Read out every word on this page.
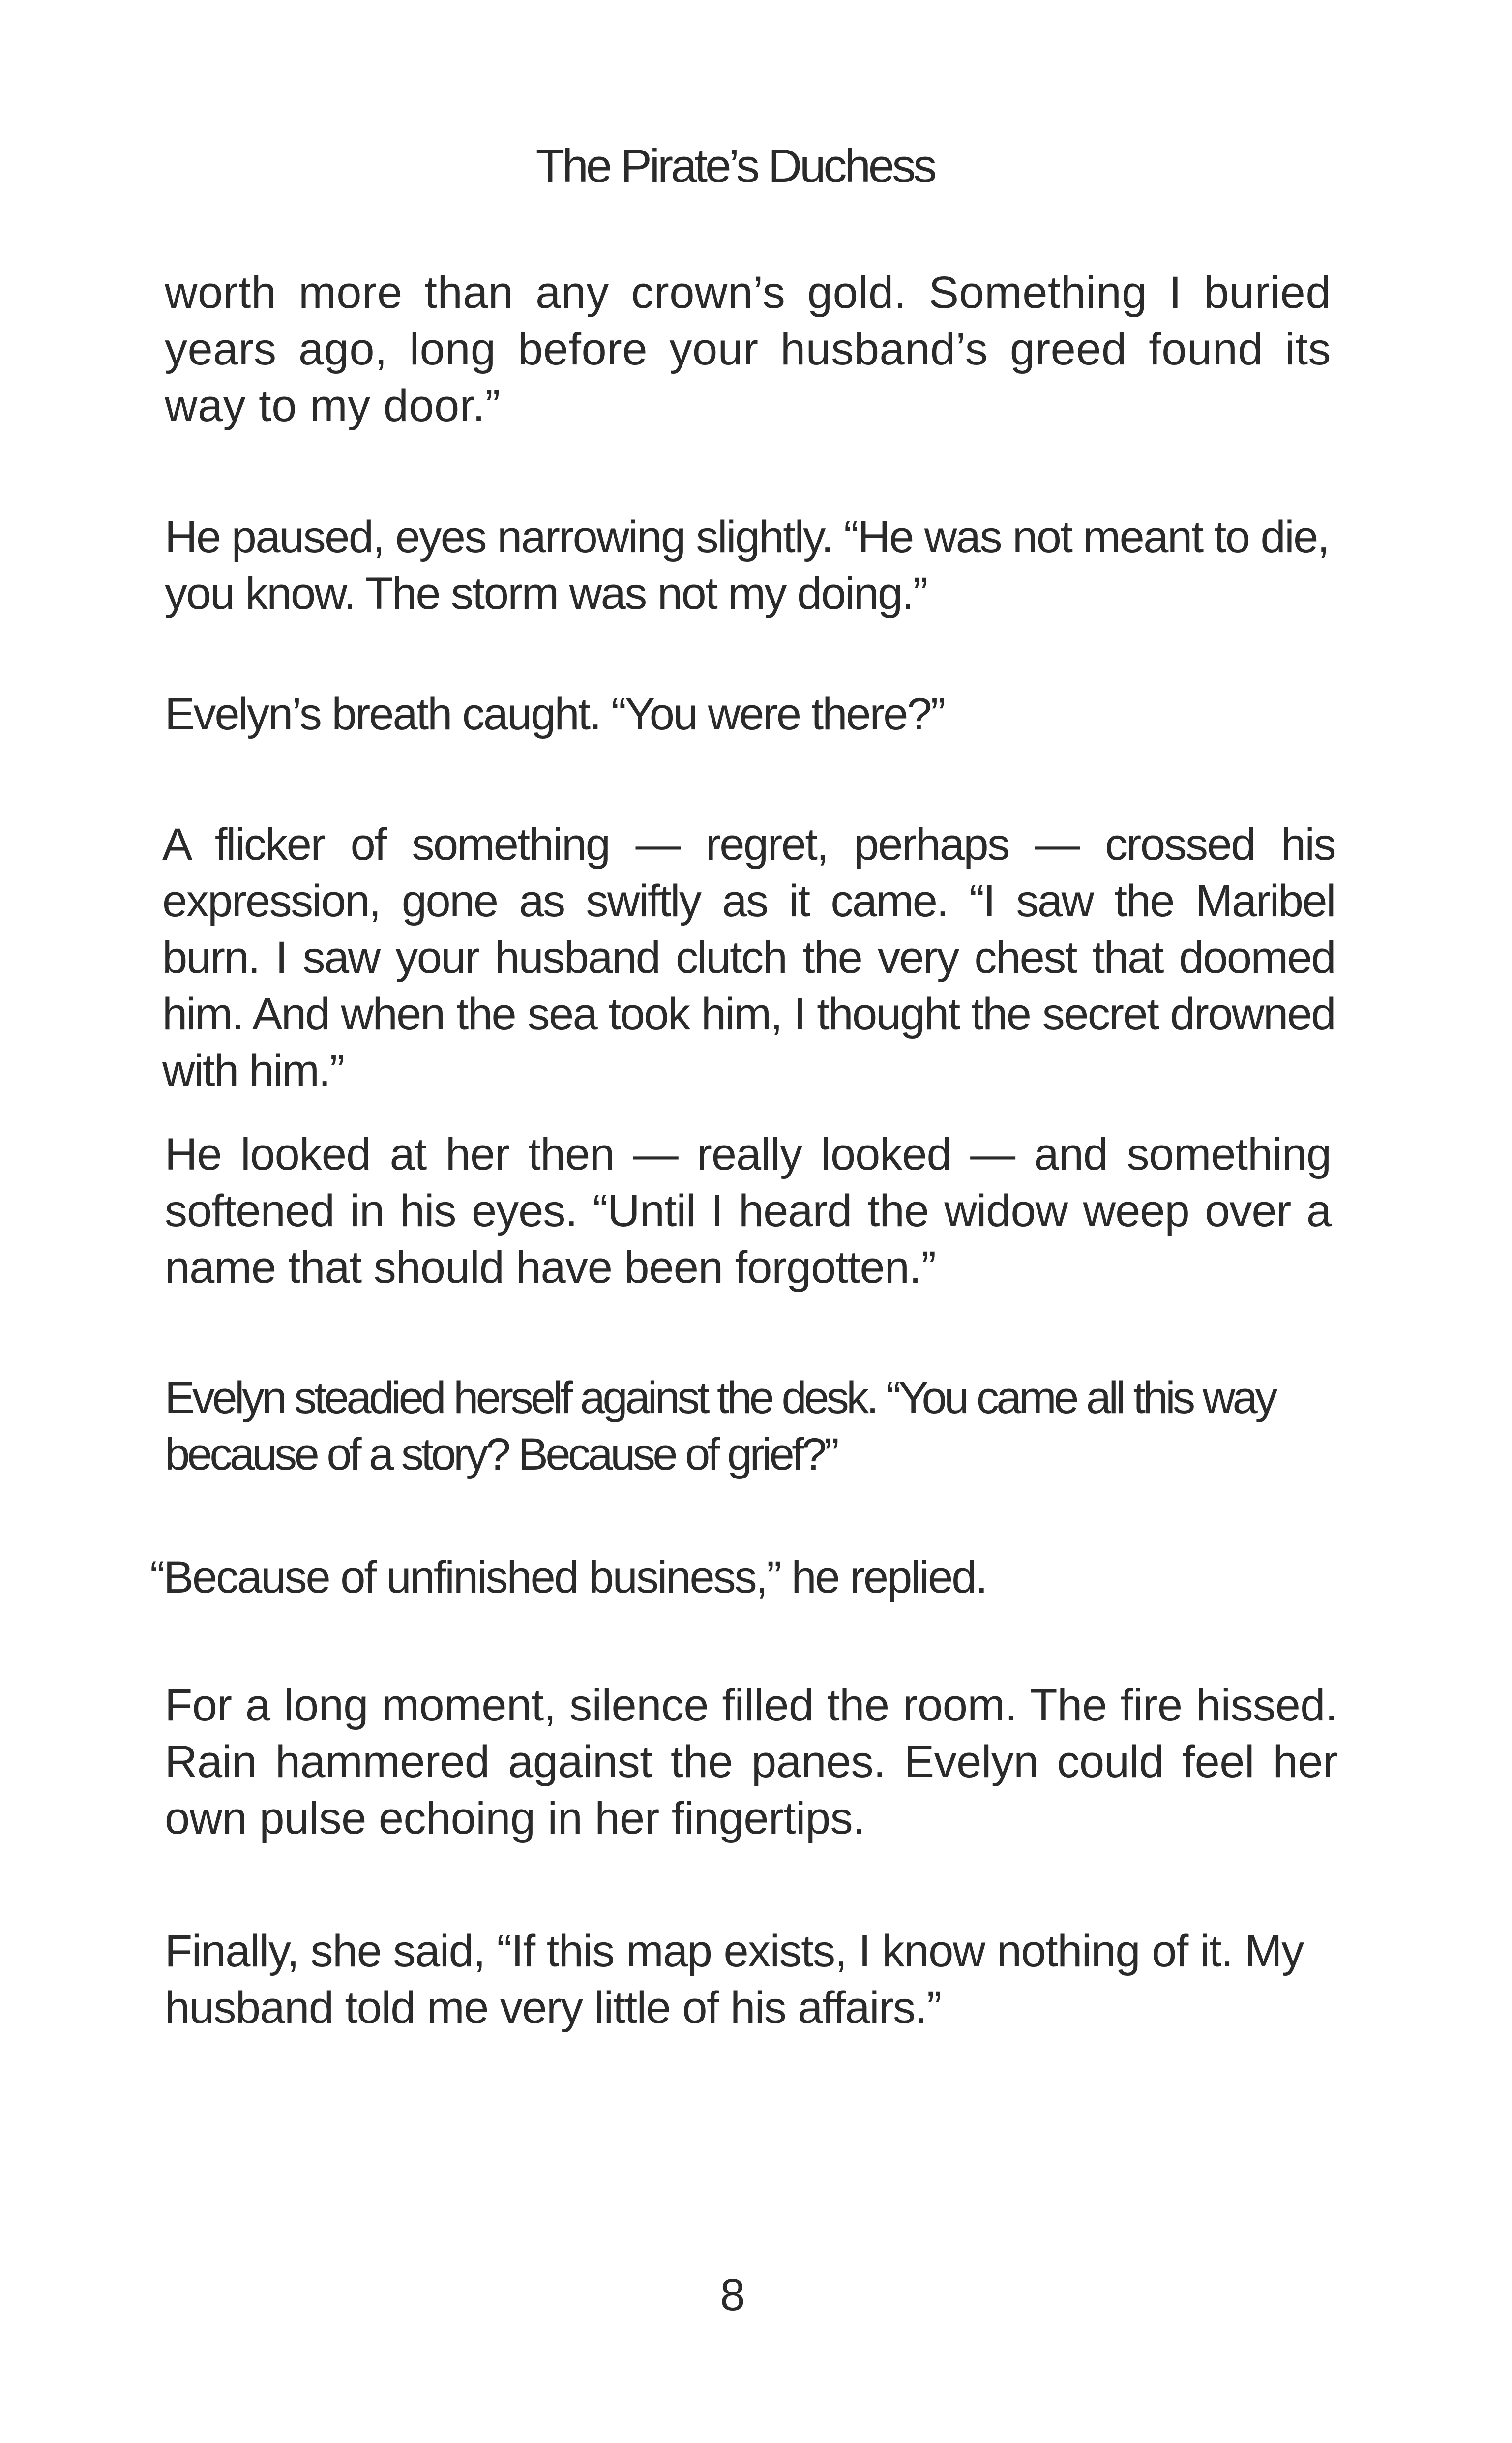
The Pirate’s Duchess

worth more than any crown’s gold. Something I buried years ago, long before your husband’s greed found its way to my door.”

He paused, eyes narrowing slightly. “He was not meant to die, you know. The storm was not my doing.”

Evelyn’s breath caught. “You were there?”

A flicker of something — regret, perhaps — crossed his expression, gone as swiftly as it came. “I saw the Maribel burn. I saw your husband clutch the very chest that doomed him. And when the sea took him, I thought the secret drowned with him.”

He looked at her then — really looked — and something softened in his eyes. “Until I heard the widow weep over a name that should have been forgotten.”

Evelyn steadied herself against the desk. “You came all this way because of a story? Because of grief?”

“Because of unfinished business,” he replied.

For a long moment, silence filled the room. The fire hissed. Rain hammered against the panes. Evelyn could feel her own pulse echoing in her fingertips.

Finally, she said, “If this map exists, I know nothing of it. My husband told me very little of his affairs.”

8
